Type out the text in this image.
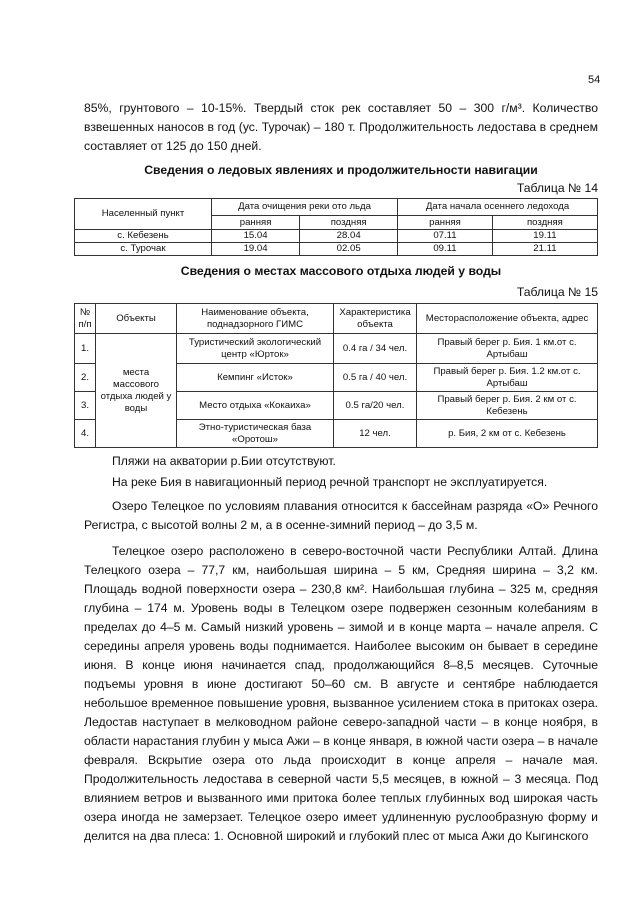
54

85%, грунтового – 10-15%. Твердый сток рек составляет 50 – 300 г/м³. Количество взвешенных наносов в год (ус. Турочак) – 180 т. Продолжительность ледостава в среднем составляет от 125 до 150 дней.

Сведения о ледовых явлениях и продолжительности навигации

Таблица № 14
Населенный пункт	Дата очищения реки ото льда		Дата начала осеннего ледохода	
	ранняя	поздняя	ранняя	поздняя
с. Кебезень	15.04	28.04	07.11	19.11
с. Турочак	19.04	02.05	09.11	21.11

Сведения о местах массового отдыха людей у воды

Таблица № 15
№ п/п	Объекты	Наименование объекта, поднадзорного ГИМС	Характеристика объекта	Месторасположение объекта, адрес
1.	места массового отдыха людей у воды	Туристический экологический центр «Юрток»	0.4 га / 34 чел.	Правый берег р. Бия. 1 км.от с. Артыбаш
2.		Кемпинг «Исток»	0.5 га / 40 чел.	Правый берег р. Бия. 1.2 км.от с. Артыбаш
3.		Место отдыха «Кокаиха»	0.5 га/20 чел.	Правый берег р. Бия. 2 км от с. Кебезень
4.		Этно-туристическая база «Оротош»	12 чел.	р. Бия, 2 км от с. Кебезень

Пляжи на акватории р.Бии отсутствуют.

На реке Бия в навигационный период речной транспорт не эксплуатируется.

Озеро Телецкое по условиям плавания относится к бассейнам разряда «О» Речного Регистра, с высотой волны 2 м, а в осенне-зимний период – до 3,5 м.

Телецкое озеро расположено в северо-восточной части Республики Алтай. Длина Телецкого озера – 77,7 км, наибольшая ширина – 5 км, Средняя ширина – 3,2 км. Площадь водной поверхности озера – 230,8 км². Наибольшая глубина – 325 м, средняя глубина – 174 м. Уровень воды в Телецком озере подвержен сезонным колебаниям в пределах до 4–5 м. Самый низкий уровень – зимой и в конце марта – начале апреля. С середины апреля уровень воды поднимается. Наиболее высоким он бывает в середине июня. В конце июня начинается спад, продолжающийся 8–8,5 месяцев. Суточные подъемы уровня в июне достигают 50–60 см. В августе и сентябре наблюдается небольшое временное повышение уровня, вызванное усилением стока в притоках озера. Ледостав наступает в мелководном районе северо-западной части – в конце ноября, в области нарастания глубин у мыса Ажи – в конце января, в южной части озера – в начале февраля. Вскрытие озера ото льда происходит в конце апреля – начале мая. Продолжительность ледостава в северной части 5,5 месяцев, в южной – 3 месяца. Под влиянием ветров и вызванного ими притока более теплых глубинных вод широкая часть озера иногда не замерзает. Телецкое озеро имеет удлиненную руслообразную форму и делится на два плеса: 1. Основной широкий и глубокий плес от мыса Ажи до Кыгинского
